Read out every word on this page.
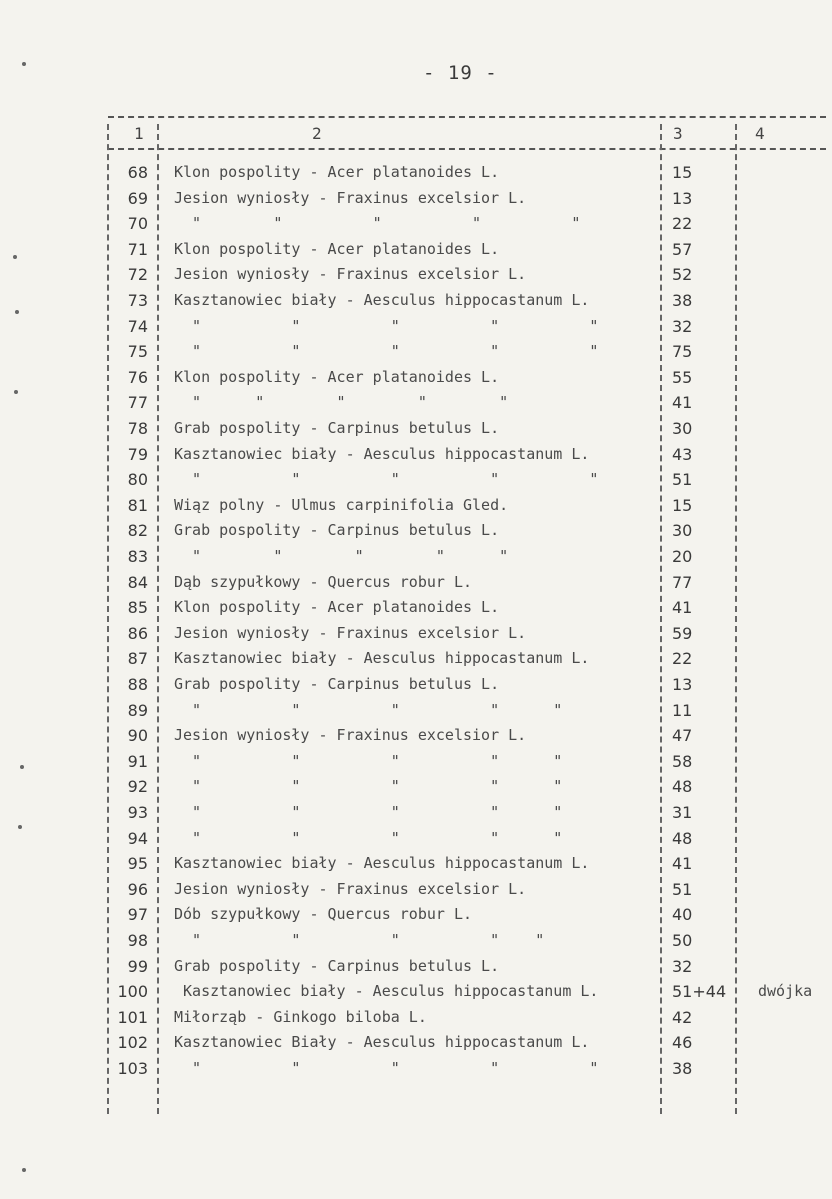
- 19 -
1	2	3	4
68 Klon pospolity - Acer platanoides L.	15
69 Jesion wyniosły - Fraxinus excelsior L.	13
70 "        "          "          "          "	22
71 Klon pospolity - Acer platanoides L.	57
72 Jesion wyniosły - Fraxinus excelsior L.	52
73 Kasztanowiec biały - Aesculus hippocastanum L.	38
74 "          "          "          "          "	32
75 "          "          "          "          "	75
76 Klon pospolity - Acer platanoides L.	55
77 "      "        "        "        "	41
78 Grab pospolity - Carpinus betulus L.	30
79 Kasztanowiec biały - Aesculus hippocastanum L.	43
80 "          "          "          "          "	51
81 Wiąz polny - Ulmus carpinifolia Gled.	15
82 Grab pospolity - Carpinus betulus L.	30
83 "        "        "        "      "	20
84 Dąb szypułkowy - Quercus robur L.	77
85 Klon pospolity - Acer platanoides L.	41
86 Jesion wyniosły - Fraxinus excelsior L.	59
87 Kasztanowiec biały - Aesculus hippocastanum L.	22
88 Grab pospolity - Carpinus betulus L.	13
89 "          "          "          "      "	11
90 Jesion wyniosły - Fraxinus excelsior L.	47
91 "          "          "          "      "	58
92 "          "          "          "      "	48
93 "          "          "          "      "	31
94 "          "          "          "      "	48
95 Kasztanowiec biały - Aesculus hippocastanum L.	41
96 Jesion wyniosły - Fraxinus excelsior L.	51
97 Dób szypułkowy - Quercus robur L.	40
98 "          "          "          "    "	50
99 Grab pospolity - Carpinus betulus L.	32
100 Kasztanowiec biały - Aesculus hippocastanum L.	51+44 dwójka
101 Miłorząb - Ginkogo biloba L.	42
102 Kasztanowiec Biały - Aesculus hippocastanum L.	46
103 "          "          "          "          "	38
